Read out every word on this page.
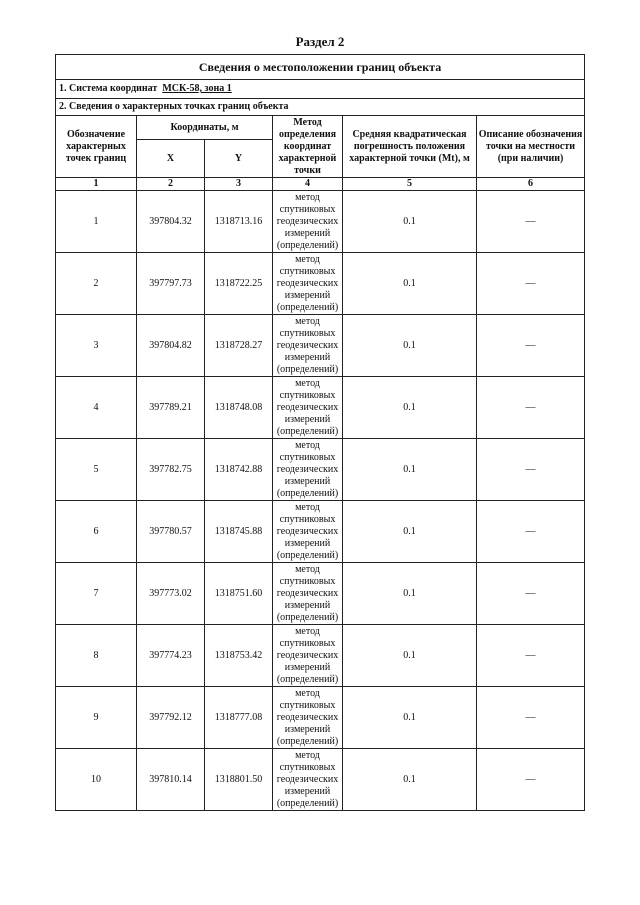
Раздел 2
Сведения о местоположении границ объекта					
1. Система координат МСК-58, зона 1					
2. Сведения о характерных точках границ объекта					
Обозначение характерных точек границ	Координаты, м		Метод определения координат характерной точки	Средняя квадратическая погрешность положения характерной точки (Mt), м	Описание обозначения точки на местности (при наличии)
	X	Y			
1	2	3	4	5	6
1	397804.32	1318713.16	метод спутниковых геодезических измерений (определений)	0.1	—
2	397797.73	1318722.25	метод спутниковых геодезических измерений (определений)	0.1	—
3	397804.82	1318728.27	метод спутниковых геодезических измерений (определений)	0.1	—
4	397789.21	1318748.08	метод спутниковых геодезических измерений (определений)	0.1	—
5	397782.75	1318742.88	метод спутниковых геодезических измерений (определений)	0.1	—
6	397780.57	1318745.88	метод спутниковых геодезических измерений (определений)	0.1	—
7	397773.02	1318751.60	метод спутниковых геодезических измерений (определений)	0.1	—
8	397774.23	1318753.42	метод спутниковых геодезических измерений (определений)	0.1	—
9	397792.12	1318777.08	метод спутниковых геодезических измерений (определений)	0.1	—
10	397810.14	1318801.50	метод спутниковых геодезических измерений (определений)	0.1	—
